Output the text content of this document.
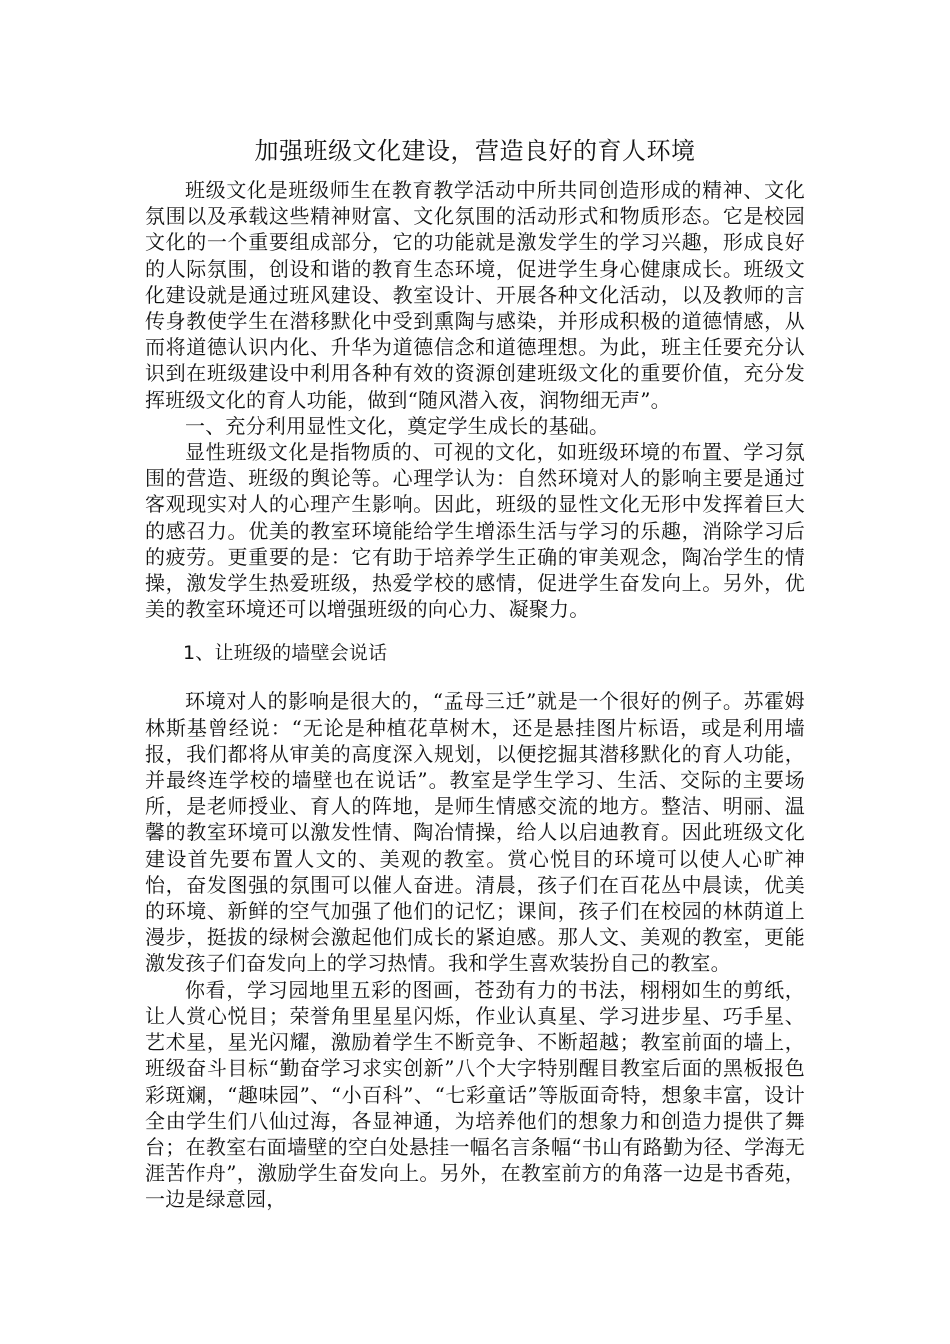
加强班级文化建设，营造良好的育人环境

班级文化是班级师生在教育教学活动中所共同创造形成的精神、文化氛围以及承载这些精神财富、文化氛围的活动形式和物质形态。它是校园文化的一个重要组成部分，它的功能就是激发学生的学习兴趣，形成良好的人际氛围，创设和谐的教育生态环境，促进学生身心健康成长。班级文化建设就是通过班风建设、教室设计、开展各种文化活动，以及教师的言传身教使学生在潜移默化中受到熏陶与感染，并形成积极的道德情感，从而将道德认识内化、升华为道德信念和道德理想。为此，班主任要充分认识到在班级建设中利用各种有效的资源创建班级文化的重要价值，充分发挥班级文化的育人功能，做到“随风潜入夜，润物细无声”。

一、充分利用显性文化，奠定学生成长的基础。

显性班级文化是指物质的、可视的文化，如班级环境的布置、学习氛围的营造、班级的舆论等。心理学认为：自然环境对人的影响主要是通过客观现实对人的心理产生影响。因此，班级的显性文化无形中发挥着巨大的感召力。优美的教室环境能给学生增添生活与学习的乐趣，消除学习后的疲劳。更重要的是：它有助于培养学生正确的审美观念，陶冶学生的情操，激发学生热爱班级，热爱学校的感情，促进学生奋发向上。另外，优美的教室环境还可以增强班级的向心力、凝聚力。

1、让班级的墙壁会说话

环境对人的影响是很大的，“孟母三迁”就是一个很好的例子。苏霍姆林斯基曾经说：“无论是种植花草树木，还是悬挂图片标语，或是利用墙报，我们都将从审美的高度深入规划，以便挖掘其潜移默化的育人功能，并最终连学校的墙壁也在说话”。教室是学生学习、生活、交际的主要场所，是老师授业、育人的阵地，是师生情感交流的地方。整洁、明丽、温馨的教室环境可以激发性情、陶冶情操，给人以启迪教育。因此班级文化建设首先要布置人文的、美观的教室。赏心悦目的环境可以使人心旷神怡，奋发图强的氛围可以催人奋进。清晨，孩子们在百花丛中晨读，优美的环境、新鲜的空气加强了他们的记忆；课间，孩子们在校园的林荫道上漫步，挺拔的绿树会激起他们成长的紧迫感。那人文、美观的教室，更能激发孩子们奋发向上的学习热情。我和学生喜欢装扮自己的教室。

你看，学习园地里五彩的图画，苍劲有力的书法，栩栩如生的剪纸，让人赏心悦目；荣誉角里星星闪烁，作业认真星、学习进步星、巧手星、艺术星，星光闪耀，激励着学生不断竞争、不断超越；教室前面的墙上，班级奋斗目标“勤奋学习求实创新”八个大字特别醒目教室后面的黑板报色彩斑斓，“趣味园”、“小百科”、“七彩童话”等版面奇特，想象丰富，设计全由学生们八仙过海，各显神通，为培养他们的想象力和创造力提供了舞台；在教室右面墙壁的空白处悬挂一幅名言条幅“书山有路勤为径、学海无涯苦作舟”，激励学生奋发向上。另外，在教室前方的角落一边是书香苑，一边是绿意园，
